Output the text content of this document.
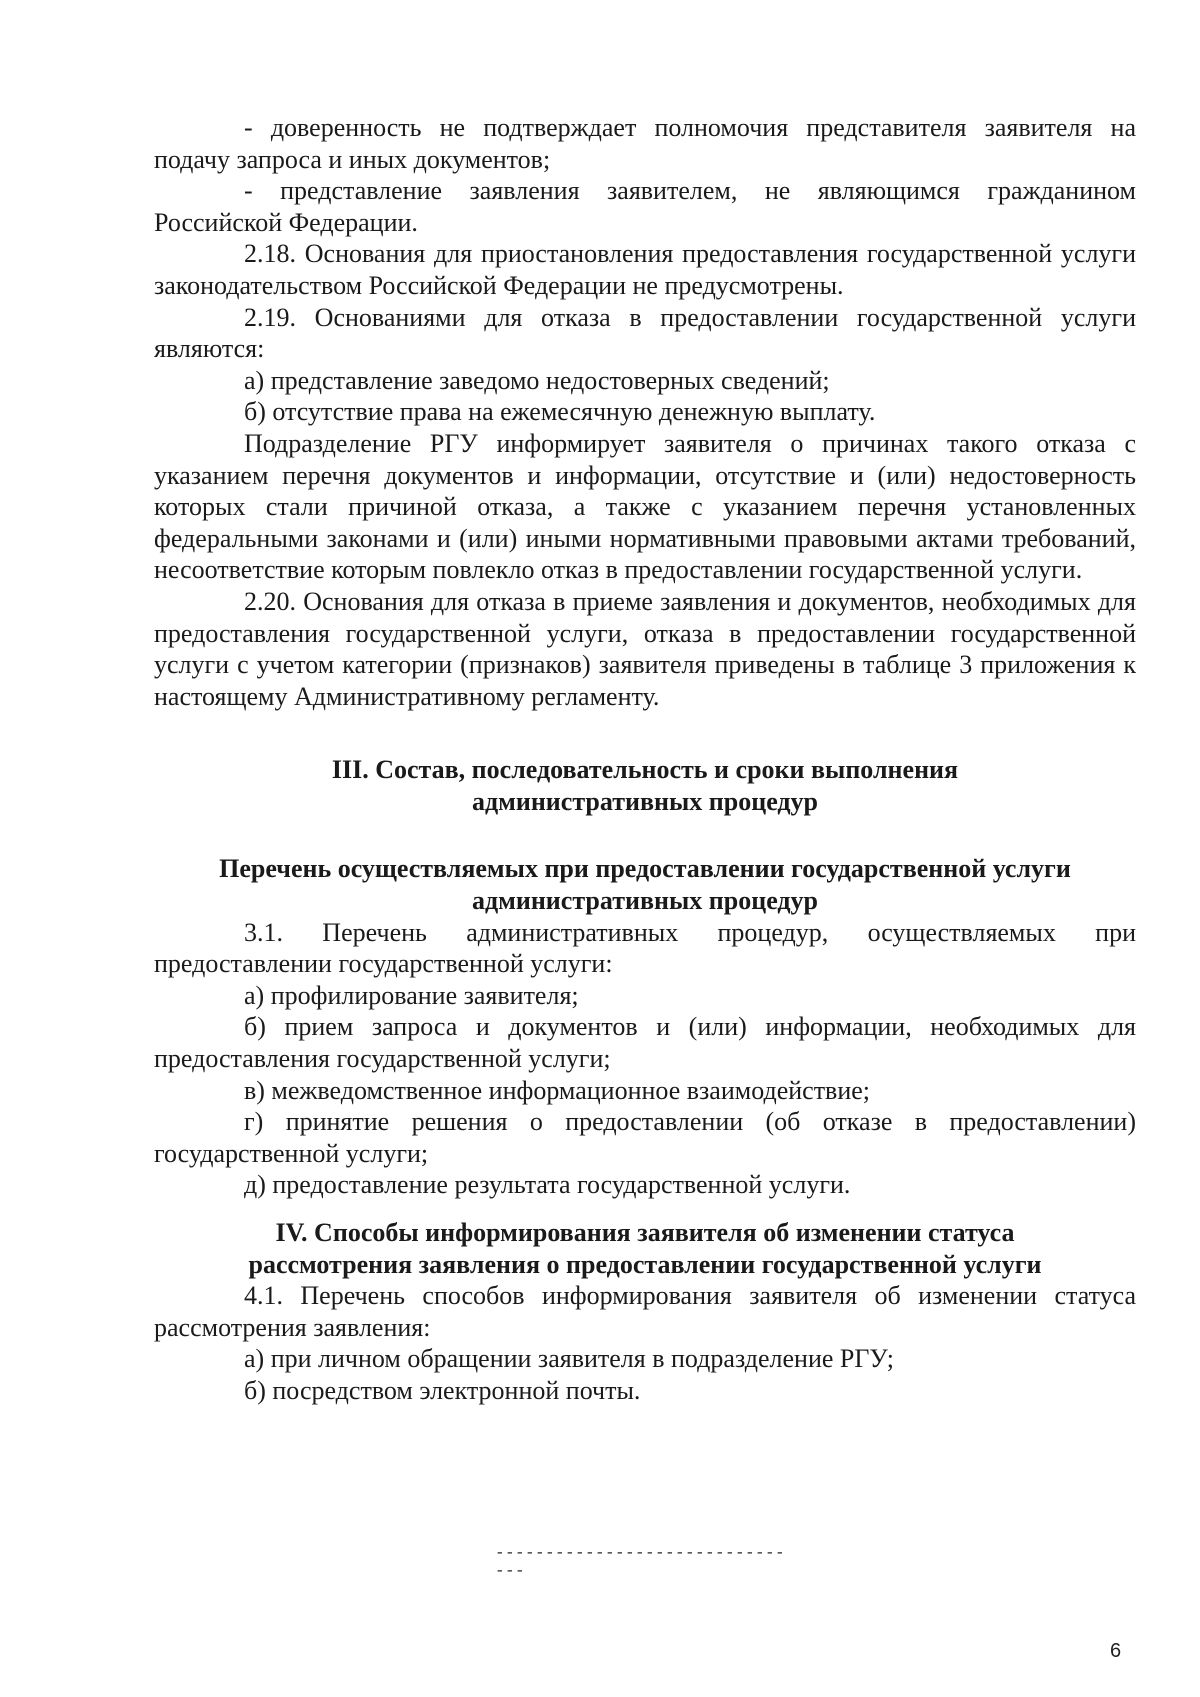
- доверенность не подтверждает полномочия представителя заявителя на подачу запроса и иных документов;

- представление заявления заявителем, не являющимся гражданином Российской Федерации.

2.18. Основания для приостановления предоставления государственной услуги законодательством Российской Федерации не предусмотрены.

2.19. Основаниями для отказа в предоставлении государственной услуги являются:

а) представление заведомо недостоверных сведений;

б) отсутствие права на ежемесячную денежную выплату.

Подразделение РГУ информирует заявителя о причинах такого отказа с указанием перечня документов и информации, отсутствие и (или) недостоверность которых стали причиной отказа, а также с указанием перечня установленных федеральными законами и (или) иными нормативными правовыми актами требований, несоответствие которым повлекло отказ в предоставлении государственной услуги.

2.20. Основания для отказа в приеме заявления и документов, необходимых для предоставления государственной услуги, отказа в предоставлении государственной услуги с учетом категории (признаков) заявителя приведены в таблице 3 приложения к настоящему Административному регламенту.

III. Состав, последовательность и сроки выполнения
административных процедур
Перечень осуществляемых при предоставлении государственной услуги
административных процедур

3.1. Перечень административных процедур, осуществляемых при предоставлении государственной услуги:

а) профилирование заявителя;

б) прием запроса и документов и (или) информации, необходимых для предоставления государственной услуги;

в) межведомственное информационное взаимодействие;

г) принятие решения о предоставлении (об отказе в предоставлении) государственной услуги;

д) предоставление результата государственной услуги.

IV. Способы информирования заявителя об изменении статуса
рассмотрения заявления о предоставлении государственной услуги

4.1. Перечень способов информирования заявителя об изменении статуса рассмотрения заявления:

а) при личном обращении заявителя в подразделение РГУ;

б) посредством электронной почты.

--------------------------------
6
